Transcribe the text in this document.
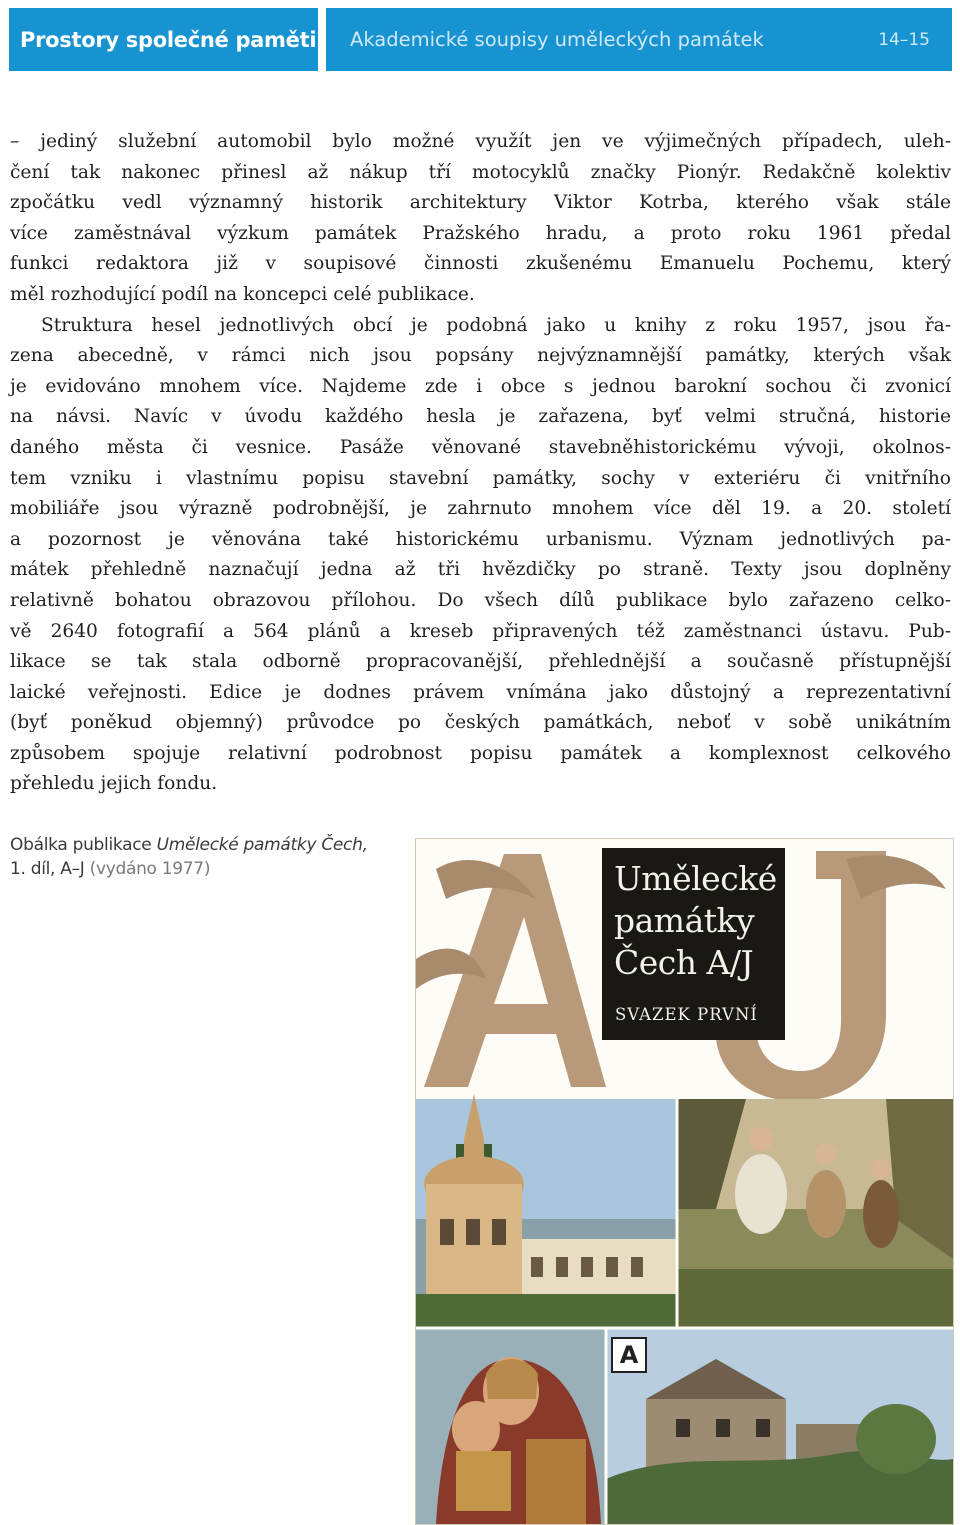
Prostory společné paměti Akademické soupisy uměleckých památek	14–15

– jediný služební automobil bylo možné využít jen ve výjimečných případech, uleh-
čení tak nakonec přinesl až nákup tří motocyklů značky Pionýr. Redakčně kolektiv
zpočátku vedl významný historik architektury Viktor Kotrba, kterého však stále
více zaměstnával výzkum památek Pražského hradu, a proto roku 1961 předal
funkci redaktora již v soupisové činnosti zkušenému Emanuelu Pochemu, který
měl rozhodující podíl na koncepci celé publikace.

Struktura hesel jednotlivých obcí je podobná jako u knihy z roku 1957, jsou řa-
zena abecedně, v rámci nich jsou popsány nejvýznamnější památky, kterých však
je evidováno mnohem více. Najdeme zde i obce s jednou barokní sochou či zvonicí
na návsi. Navíc v úvodu každého hesla je zařazena, byť velmi stručná, historie
daného města či vesnice. Pasáže věnované stavebněhistorickému vývoji, okolnos-
tem vzniku i vlastnímu popisu stavební památky, sochy v exteriéru či vnitřního
mobiliáře jsou výrazně podrobnější, je zahrnuto mnohem více děl 19. a 20. století
a pozornost je věnována také historickému urbanismu. Význam jednotlivých pa-
mátek přehledně naznačují jedna až tři hvězdičky po straně. Texty jsou doplněny
relativně bohatou obrazovou přílohou. Do všech dílů publikace bylo zařazeno celko-
vě 2640 fotografií a 564 plánů a kreseb připravených též zaměstnanci ústavu. Pub-
likace se tak stala odborně propracovanější, přehlednější a současně přístupnější
laické veřejnosti. Edice je dodnes právem vnímána jako důstojný a reprezentativní
(byť poněkud objemný) průvodce po českých památkách, neboť v sobě unikátním
způsobem spojuje relativní podrobnost popisu památek a komplexnost celkového
přehledu jejich fondu.

Obálka publikace Umělecké památky Čech,
1. díl, A–J (vydáno 1977)	Umělecké
památky
Čech A/J
SVAZEK PRVNÍ
A
